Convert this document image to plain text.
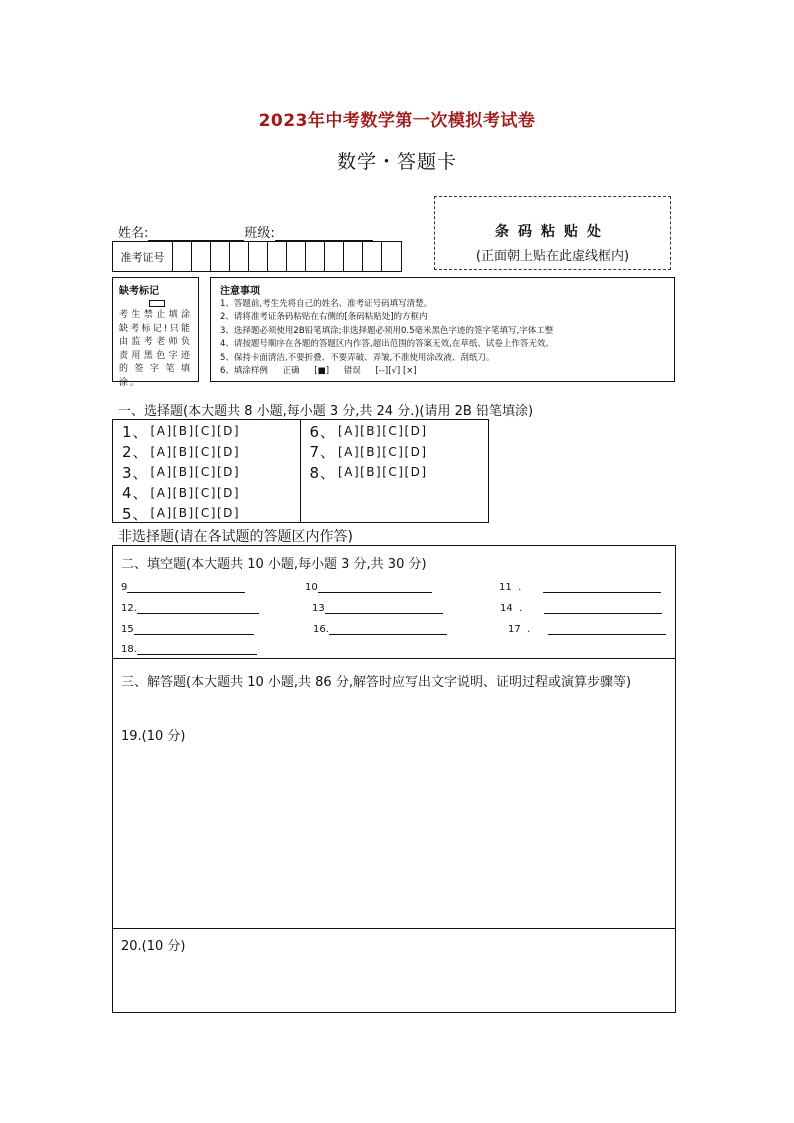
2023年中考数学第一次模拟考试卷
数学・答题卡
姓名:	班级:	条码粘贴处
(正面朝上贴在此虚线框内)
准考证号
缺考标记
考生禁止填涂缺考标记!只能由监考老师负责用黑色字迹的签字笔填涂。
注意事项
1、答题前,考生先将自己的姓名、准考证号码填写清楚。
2、请将准考证条码粘贴在右侧的[条码粘贴处]的方框内
3、选择题必须使用2B铅笔填涂;非选择题必须用0.5毫米黑色字迹的签字笔填写,字体工整
4、请按题号顺序在各题的答题区内作答,超出范围的答案无效,在草纸、试卷上作答无效。
5、保持卡面清洁,不要折叠、不要弄破、弄皱,不准使用涂改液、刮纸刀。
6、填涂样例 正确 [■] 错误 [--][√] [×]
一、选择题(本大题共 8 小题,每小题 3 分,共 24 分.)(请用 2B 铅笔填涂)
1、 [A][B][C][D]
2、 [A][B][C][D]
3、 [A][B][C][D]
4、 [A][B][C][D]
5、 [A][B][C][D]
6、 [A][B][C][D]
7、 [A][B][C][D]
8、 [A][B][C][D]
非选择题(请在各试题的答题区内作答)
二、填空题(本大题共 10 小题,每小题 3 分,共 30 分)
9	10	11  .
12.	13	14  .
15	16.	17  .
18.
三、解答题(本大题共 10 小题,共 86 分,解答时应写出文字说明、证明过程或演算步骤等)
19.(10 分)
20.(10 分)
